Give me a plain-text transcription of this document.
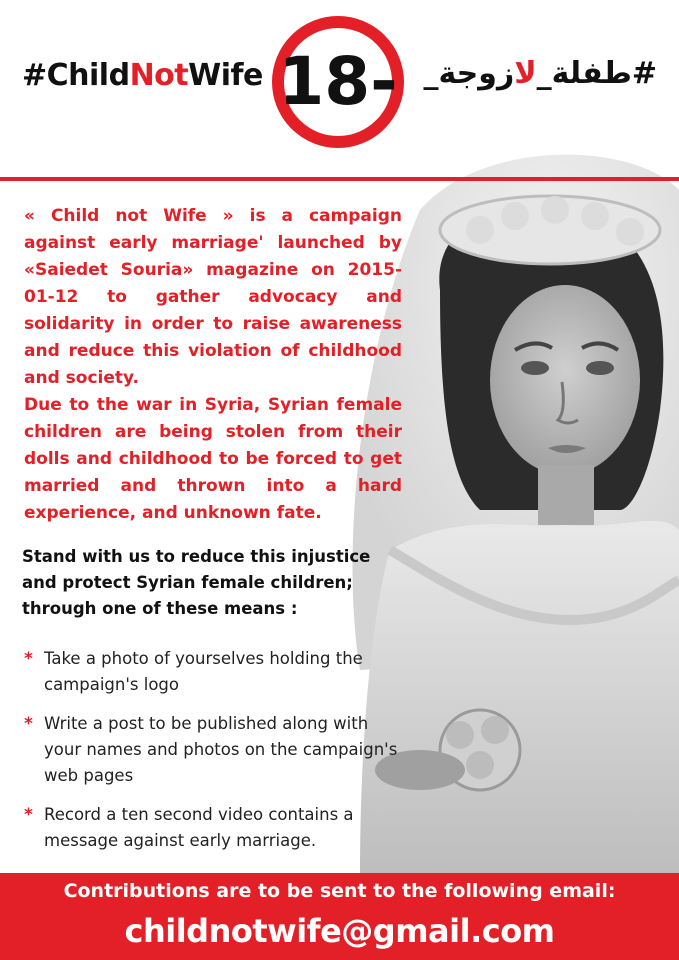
#ChildNotWife 18-	#طفلة_لازوجة_

« Child not Wife » is a campaign against early marriage' launched by «Saiedet Souria» magazine on 2015-01-12 to gather advocacy and solidarity in order to raise awareness and reduce this violation of childhood and society.

Due to the war in Syria, Syrian female children are being stolen from their dolls and childhood to be forced to get married and thrown into a hard experience, and unknown fate.

Stand with us to reduce this injustice and protect Syrian female children; through one of these means :
* Take a photo of yourselves holding the campaign's logo
* Write a post to be published along with your names and photos on the campaign's web pages
* Record a ten second video contains a message against early marriage.
Contributions are to be sent to the following email:
childnotwife@gmail.com
